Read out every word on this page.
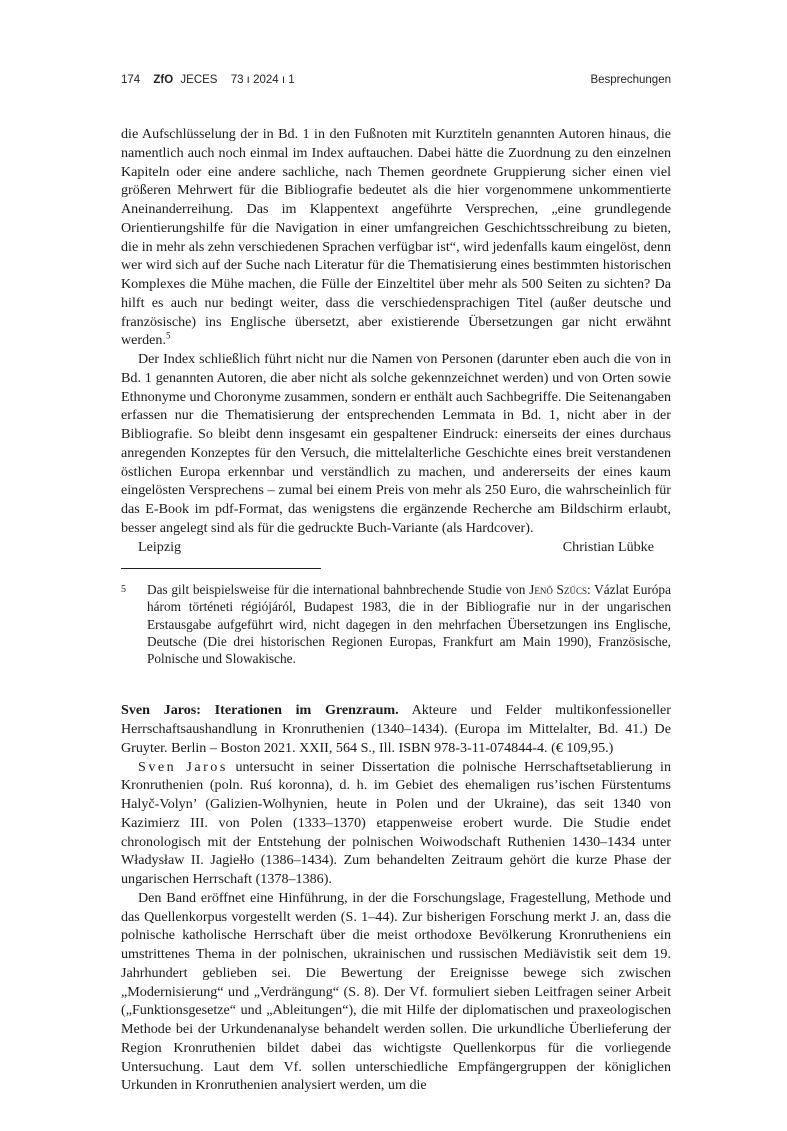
174 ZfO JECES 73 ı 2024 ı 1	Besprechungen

die Aufschlüsselung der in Bd. 1 in den Fußnoten mit Kurztiteln genannten Autoren hinaus, die namentlich auch noch einmal im Index auftauchen. Dabei hätte die Zuordnung zu den einzelnen Kapiteln oder eine andere sachliche, nach Themen geordnete Gruppierung sicher einen viel größeren Mehrwert für die Bibliografie bedeutet als die hier vorgenommene unkommentierte Aneinanderreihung. Das im Klappentext angeführte Versprechen, „eine grundlegende Orientierungshilfe für die Navigation in einer umfangreichen Geschichtsschreibung zu bieten, die in mehr als zehn verschiedenen Sprachen verfügbar ist“, wird jedenfalls kaum eingelöst, denn wer wird sich auf der Suche nach Literatur für die Thematisierung eines bestimmten historischen Komplexes die Mühe machen, die Fülle der Einzeltitel über mehr als 500 Seiten zu sichten? Da hilft es auch nur bedingt weiter, dass die verschiedensprachigen Titel (außer deutsche und französische) ins Englische übersetzt, aber existierende Übersetzungen gar nicht erwähnt werden.$^5$

Der Index schließlich führt nicht nur die Namen von Personen (darunter eben auch die von in Bd. 1 genannten Autoren, die aber nicht als solche gekennzeichnet werden) und von Orten sowie Ethnonyme und Choronyme zusammen, sondern er enthält auch Sachbegriffe. Die Seitenangaben erfassen nur die Thematisierung der entsprechenden Lemmata in Bd. 1, nicht aber in der Bibliografie. So bleibt denn insgesamt ein gespaltener Eindruck: einerseits der eines durchaus anregenden Konzeptes für den Versuch, die mittelalterliche Geschichte eines breit verstandenen östlichen Europa erkennbar und verständlich zu machen, und andererseits der eines kaum eingelösten Versprechens – zumal bei einem Preis von mehr als 250 Euro, die wahrscheinlich für das E-Book im pdf-Format, das wenigstens die ergänzende Recherche am Bildschirm erlaubt, besser angelegt sind als für die gedruckte Buch-Variante (als Hardcover).

Leipzig	Christian Lübke
5 Das gilt beispielsweise für die international bahnbrechende Studie von Jenő Szűcs: Vázlat Európa három történeti régiójáról, Budapest 1983, die in der Bibliografie nur in der ungarischen Erstausgabe aufgeführt wird, nicht dagegen in den mehrfachen Übersetzungen ins Englische, Deutsche (Die drei historischen Regionen Europas, Frankfurt am Main 1990), Französische, Polnische und Slowakische.

Sven Jaros: Iterationen im Grenzraum. Akteure und Felder multikonfessioneller Herrschaftsaushandlung in Kronruthenien (1340–1434). (Europa im Mittelalter, Bd. 41.) De Gruyter. Berlin – Boston 2021. XXII, 564 S., Ill. ISBN 978-3-11-074844-4. (€ 109,95.)

Sven Jaros untersucht in seiner Dissertation die polnische Herrschaftsetablierung in Kronruthenien (poln. Ruś koronna), d. h. im Gebiet des ehemaligen rus’ischen Fürstentums Halyč-Volyn’ (Galizien-Wolhynien, heute in Polen und der Ukraine), das seit 1340 von Kazimierz III. von Polen (1333–1370) etappenweise erobert wurde. Die Studie endet chronologisch mit der Entstehung der polnischen Woiwodschaft Ruthenien 1430–1434 unter Władysław II. Jagiełło (1386–1434). Zum behandelten Zeitraum gehört die kurze Phase der ungarischen Herrschaft (1378–1386).

Den Band eröffnet eine Hinführung, in der die Forschungslage, Fragestellung, Methode und das Quellenkorpus vorgestellt werden (S. 1–44). Zur bisherigen Forschung merkt J. an, dass die polnische katholische Herrschaft über die meist orthodoxe Bevölkerung Kronrutheniens ein umstrittenes Thema in der polnischen, ukrainischen und russischen Mediävistik seit dem 19. Jahrhundert geblieben sei. Die Bewertung der Ereignisse bewege sich zwischen „Modernisierung“ und „Verdrängung“ (S. 8). Der Vf. formuliert sieben Leitfragen seiner Arbeit („Funktionsgesetze“ und „Ableitungen“), die mit Hilfe der diplomatischen und praxeologischen Methode bei der Urkundenanalyse behandelt werden sollen. Die urkundliche Überlieferung der Region Kronruthenien bildet dabei das wichtigste Quellenkorpus für die vorliegende Untersuchung. Laut dem Vf. sollen unterschiedliche Empfängergruppen der königlichen Urkunden in Kronruthenien analysiert werden, um die
